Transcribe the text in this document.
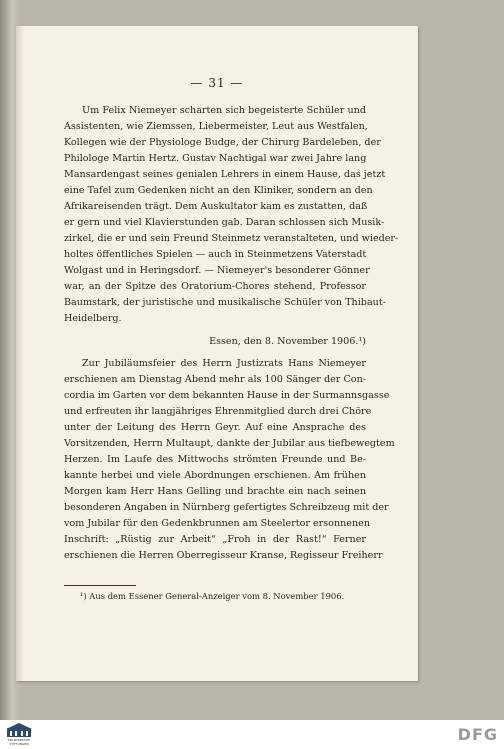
— 31 —
Um Felix Niemeyer scharten sich begeisterte Schüler und
Assistenten, wie Ziemssen, Liebermeister, Leut aus Westfalen,
Kollegen wie der Physiologe Budge, der Chirurg Bardeleben, der
Philologe Martin Hertz. Gustav Nachtigal war zwei Jahre lang
Mansardengast seines genialen Lehrers in einem Hause, das jetzt
eine Tafel zum Gedenken nicht an den Kliniker, sondern an den
Afrikareisenden trägt. Dem Auskultator kam es zustatten, daß
er gern und viel Klavierstunden gab. Daran schlossen sich Musik-
zirkel, die er und sein Freund Steinmetz veranstalteten, und wieder-
holtes öffentliches Spielen — auch in Steinmetzens Vaterstadt
Wolgast und in Heringsdorf. — Niemeyer's besonderer Gönner
war, an der Spitze des Oratorium-Chores stehend, Professor
Baumstark, der juristische und musikalische Schüler von Thibaut-
Heidelberg.
Essen, den 8. November 1906.¹)
Zur Jubiläumsfeier des Herrn Justizrats Hans Niemeyer
erschienen am Dienstag Abend mehr als 100 Sänger der Con-
cordia im Garten vor dem bekannten Hause in der Surmannsgasse
und erfreuten ihr langjähriges Ehrenmitglied durch drei Chöre
unter der Leitung des Herrn Geyr. Auf eine Ansprache des
Vorsitzenden, Herrn Multaupt, dankte der Jubilar aus tiefbewegtem
Herzen. Im Laufe des Mittwochs strömten Freunde und Be-
kannte herbei und viele Abordnungen erschienen. Am frühen
Morgen kam Herr Hans Gelling und brachte ein nach seinen
besonderen Angaben in Nürnberg gefertigtes Schreibzeug mit der
vom Jubilar für den Gedenkbrunnen am Steelertor ersonnenen
Inschrift: „Rüstig zur Arbeit“ „Froh in der Rast!“ Ferner
erschienen die Herren Oberregisseur Kranse, Regisseur Freiherr
¹) Aus dem Essener General-Anzeiger vom 8. November 1906.
FRANCKESCHE STIFTUNGEN	DFG
